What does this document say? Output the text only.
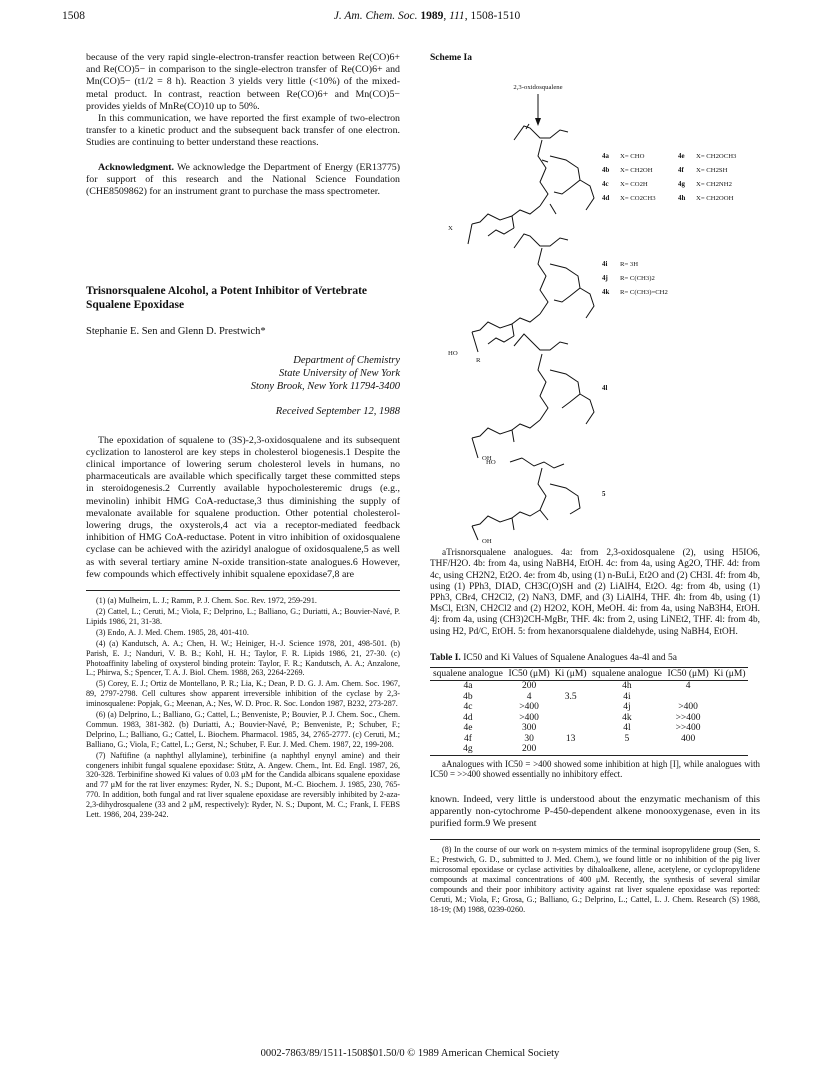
1508	J. Am. Chem. Soc. 1989, 111, 1508-1510

because of the very rapid single-electron-transfer reaction between Re(CO)6+ and Re(CO)5− in comparison to the single-electron transfer of Re(CO)6+ and Mn(CO)5− (t1/2 = 8 h). Reaction 3 yields very little (<10%) of the mixed-metal product. In contrast, reaction between Re(CO)6+ and Mn(CO)5− provides yields of MnRe(CO)10 up to 50%.

In this communication, we have reported the first example of two-electron transfer to a kinetic product and the subsequent back transfer of one electron. Studies are continuing to better understand these reactions.

Acknowledgment. We acknowledge the Department of Energy (ER13775) for support of this research and the National Science Foundation (CHE8509862) for an instrument grant to purchase the mass spectrometer.

Trisnorsqualene Alcohol, a Potent Inhibitor of Vertebrate Squalene Epoxidase
Stephanie E. Sen and Glenn D. Prestwich*
Department of Chemistry
State University of New York
Stony Brook, New York 11794-3400
Received September 12, 1988

The epoxidation of squalene to (3S)-2,3-oxidosqualene and its subsequent cyclization to lanosterol are key steps in cholesterol biogenesis.1 Despite the clinical importance of lowering serum cholesterol levels in humans, no pharmaceuticals are available which specifically target these committed steps in steroidogenesis.2 Currently available hypocholesteremic drugs (e.g., mevinolin) inhibit HMG CoA-reductase,3 thus diminishing the supply of mevalonate available for squalene production. Other potential cholesterol-lowering drugs, the oxysterols,4 act via a receptor-mediated feedback inhibition of HMG CoA-reductase. Potent in vitro inhibition of oxidosqualene cyclase can be achieved with the aziridyl analogue of oxidosqualene,5 as well as with several tertiary amine N-oxide transition-state analogues.6 However, few compounds which effectively inhibit squalene epoxidase7,8 are

(1) (a) Mulheirn, L. J.; Ramm, P. J. Chem. Soc. Rev. 1972, 259-291.

(2) Cattel, L.; Ceruti, M.; Viola, F.; Delprino, L.; Balliano, G.; Duriatti, A.; Bouvier-Navé, P. Lipids 1986, 21, 31-38.

(3) Endo, A. J. Med. Chem. 1985, 28, 401-410.

(4) (a) Kandutsch, A. A.; Chen, H. W.; Heiniger, H.-J. Science 1978, 201, 498-501. (b) Parish, E. J.; Nanduri, V. B. B.; Kohl, H. H.; Taylor, F. R. Lipids 1986, 21, 27-30. (c) Photoaffinity labeling of oxysterol binding protein: Taylor, F. R.; Kandutsch, A. A.; Anzalone, L.; Phirwa, S.; Spencer, T. A. J. Biol. Chem. 1988, 263, 2264-2269.

(5) Corey, E. J.; Ortiz de Montellano, P. R.; Lia, K.; Dean, P. D. G. J. Am. Chem. Soc. 1967, 89, 2797-2798. Cell cultures show apparent irreversible inhibition of the cyclase by 2,3-iminosqualene: Popjak, G.; Meenan, A.; Nes, W. D. Proc. R. Soc. London 1987, B232, 273-287.

(6) (a) Delprino, L.; Balliano, G.; Cattel, L.; Benveniste, P.; Bouvier, P. J. Chem. Soc., Chem. Commun. 1983, 381-382. (b) Duriatti, A.; Bouvier-Navé, P.; Benveniste, P.; Schuber, F.; Delprino, L.; Balliano, G.; Cattel, L. Biochem. Pharmacol. 1985, 34, 2765-2777. (c) Ceruti, M.; Balliano, G.; Viola, F.; Cattel, L.; Gerst, N.; Schuber, F. Eur. J. Med. Chem. 1987, 22, 199-208.

(7) Naftifine (a naphthyl allylamine), terbinifine (a naphthyl enynyl amine) and their congeners inhibit fungal squalene epoxidase: Stütz, A. Angew. Chem., Int. Ed. Engl. 1987, 26, 320-328. Terbinifine showed Ki values of 0.03 μM for the Candida albicans squalene epoxidase and 77 μM for the rat liver enzymes: Ryder, N. S.; Dupont, M.-C. Biochem. J. 1985, 230, 765-770. In addition, both fungal and rat liver squalene epoxidase are reversibly inhibited by 2-aza-2,3-dihydrosqualene (33 and 2 μM, respectively): Ryder, N. S.; Dupont, M. C.; Frank, I. FEBS Lett. 1986, 204, 239-242.

Scheme Ia
2,3-oxidosqualene
X
4a X= CHO
4b X= CH2OH
4c X= CO2H
4d X= CO2CH3
4e X= CH2OCH3
4f X= CH2SH
4g X= CH2NH2
4h X= CH2OOH
HO
R
4i R= 3H
4j R= C(CH3)2
4k R= C(CH3)=CH2
4l
OH
HO
5
OH

aTrisnorsqualene analogues. 4a: from 2,3-oxidosqualene (2), using H5IO6, THF/H2O. 4b: from 4a, using NaBH4, EtOH. 4c: from 4a, using Ag2O, THF. 4d: from 4c, using CH2N2, Et2O. 4e: from 4b, using (1) n-BuLi, Et2O and (2) CH3I. 4f: from 4b, using (1) PPh3, DIAD, CH3C(O)SH and (2) LiAlH4, Et2O. 4g: from 4b, using (1) PPh3, CBr4, CH2Cl2, (2) NaN3, DMF, and (3) LiAlH4, THF. 4h: from 4b, using (1) MsCl, Et3N, CH2Cl2 and (2) H2O2, KOH, MeOH. 4i: from 4a, using NaB3H4, EtOH. 4j: from 4a, using (CH3)2CH-MgBr, THF. 4k: from 2, using LiNEt2, THF. 4l: from 4b, using H2, Pd/C, EtOH. 5: from hexanorsqualene dialdehyde, using NaBH4, EtOH.

Table I. IC50 and Ki Values of Squalene Analogues 4a-4l and 5a
squalene analogue	IC50 (μM)	Ki (μM)	squalene analogue	IC50 (μM)	Ki (μM)
4a	200		4h	4	
4b	4	3.5	4i		
4c	>400		4j	>400	
4d	>400		4k	>>400	
4e	300		4l	>>400	
4f	30	13	5	400	
4g	200				

aAnalogues with IC50 = >400 showed some inhibition at high [I], while analogues with IC50 = >>400 showed essentially no inhibitory effect.

known. Indeed, very little is understood about the enzymatic mechanism of this apparently non-cytochrome P-450-dependent alkene monooxygenase, even in its purified form.9 We present

(8) In the course of our work on π-system mimics of the terminal isopropylidene group (Sen, S. E.; Prestwich, G. D., submitted to J. Med. Chem.), we found little or no inhibition of the pig liver microsomal epoxidase or cyclase activities by dihaloalkene, allene, acetylene, or cyclopropylidene compounds at maximal concentrations of 400 μM. Recently, the synthesis of several similar compounds and their poor inhibitory activity against rat liver squalene epoxidase was reported: Ceruti, M.; Viola, F.; Grosa, G.; Balliano, G.; Delprino, L.; Cattel, L. J. Chem. Research (S) 1988, 18-19; (M) 1988, 0239-0260.

0002-7863/89/1511-1508$01.50/0 © 1989 American Chemical Society
